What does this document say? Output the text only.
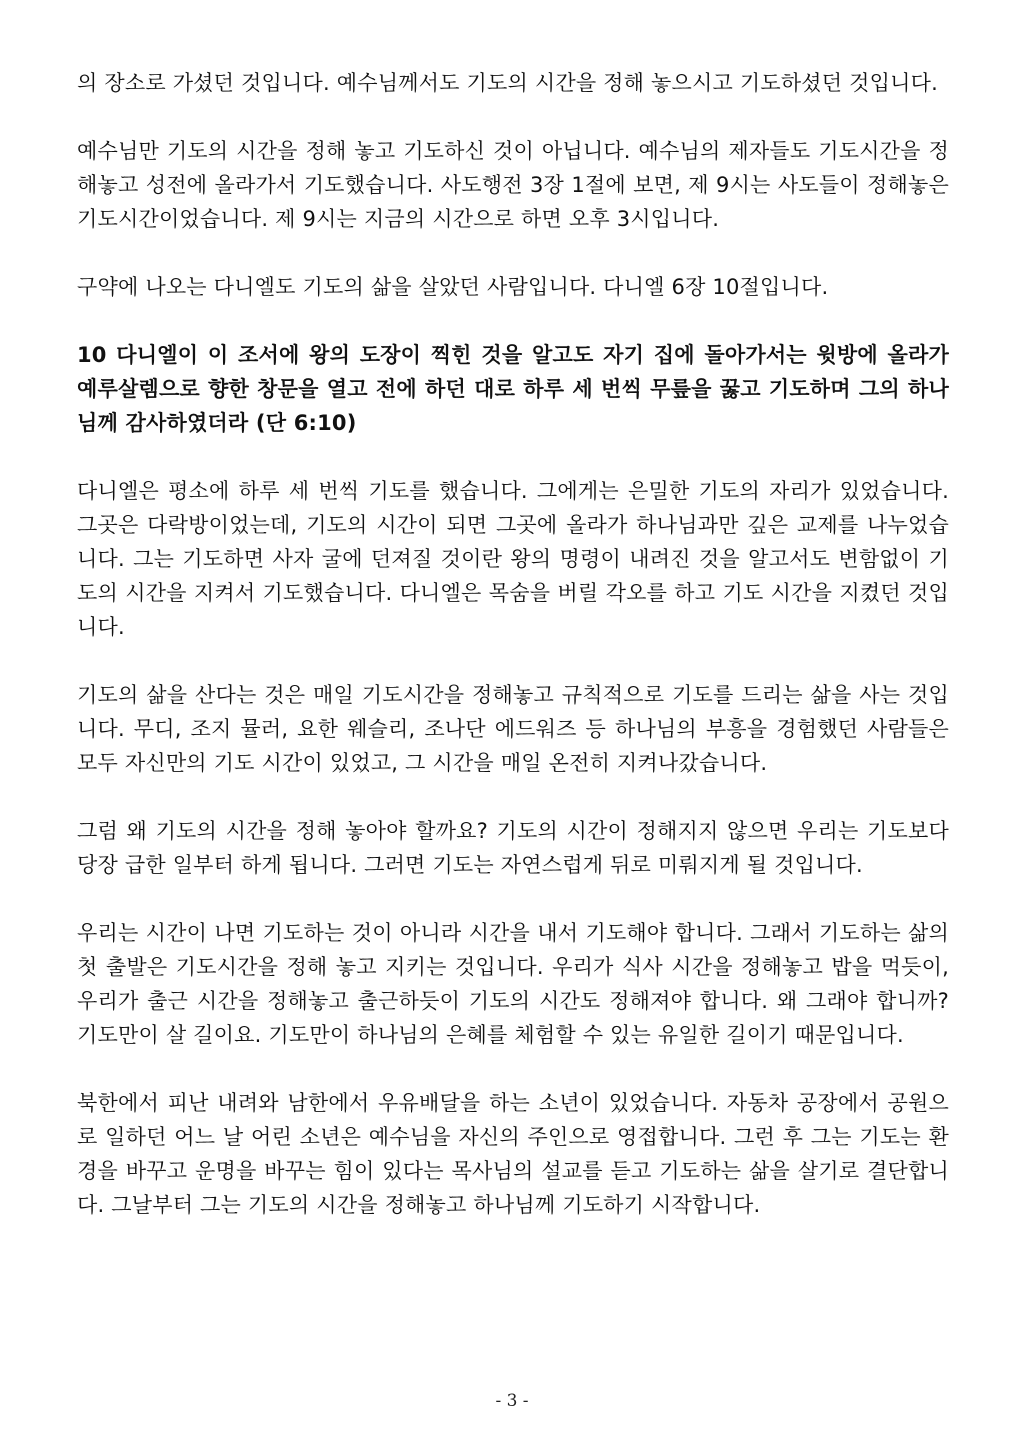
의 장소로 가셨던 것입니다. 예수님께서도 기도의 시간을 정해 놓으시고 기도하셨던 것입니다.

예수님만 기도의 시간을 정해 놓고 기도하신 것이 아닙니다. 예수님의 제자들도 기도시간을 정해놓고 성전에 올라가서 기도했습니다. 사도행전 3장 1절에 보면, 제 9시는 사도들이 정해놓은 기도시간이었습니다. 제 9시는 지금의 시간으로 하면 오후 3시입니다.

구약에 나오는 다니엘도 기도의 삶을 살았던 사람입니다. 다니엘 6장 10절입니다.

10 다니엘이 이 조서에 왕의 도장이 찍힌 것을 알고도 자기 집에 돌아가서는 윗방에 올라가 예루살렘으로 향한 창문을 열고 전에 하던 대로 하루 세 번씩 무릎을 꿇고 기도하며 그의 하나님께 감사하였더라 (단 6:10)

다니엘은 평소에 하루 세 번씩 기도를 했습니다. 그에게는 은밀한 기도의 자리가 있었습니다. 그곳은 다락방이었는데, 기도의 시간이 되면 그곳에 올라가 하나님과만 깊은 교제를 나누었습니다. 그는 기도하면 사자 굴에 던져질 것이란 왕의 명령이 내려진 것을 알고서도 변함없이 기도의 시간을 지켜서 기도했습니다. 다니엘은 목숨을 버릴 각오를 하고 기도 시간을 지켰던 것입니다.

기도의 삶을 산다는 것은 매일 기도시간을 정해놓고 규칙적으로 기도를 드리는 삶을 사는 것입니다. 무디, 조지 뮬러, 요한 웨슬리, 조나단 에드워즈 등 하나님의 부흥을 경험했던 사람들은 모두 자신만의 기도 시간이 있었고, 그 시간을 매일 온전히 지켜나갔습니다.

그럼 왜 기도의 시간을 정해 놓아야 할까요? 기도의 시간이 정해지지 않으면 우리는 기도보다 당장 급한 일부터 하게 됩니다. 그러면 기도는 자연스럽게 뒤로 미뤄지게 될 것입니다.

우리는 시간이 나면 기도하는 것이 아니라 시간을 내서 기도해야 합니다. 그래서 기도하는 삶의 첫 출발은 기도시간을 정해 놓고 지키는 것입니다. 우리가 식사 시간을 정해놓고 밥을 먹듯이, 우리가 출근 시간을 정해놓고 출근하듯이 기도의 시간도 정해져야 합니다. 왜 그래야 합니까? 기도만이 살 길이요. 기도만이 하나님의 은혜를 체험할 수 있는 유일한 길이기 때문입니다.

북한에서 피난 내려와 남한에서 우유배달을 하는 소년이 있었습니다. 자동차 공장에서 공원으로 일하던 어느 날 어린 소년은 예수님을 자신의 주인으로 영접합니다. 그런 후 그는 기도는 환경을 바꾸고 운명을 바꾸는 힘이 있다는 목사님의 설교를 듣고 기도하는 삶을 살기로 결단합니다. 그날부터 그는 기도의 시간을 정해놓고 하나님께 기도하기 시작합니다.

- 3 -
